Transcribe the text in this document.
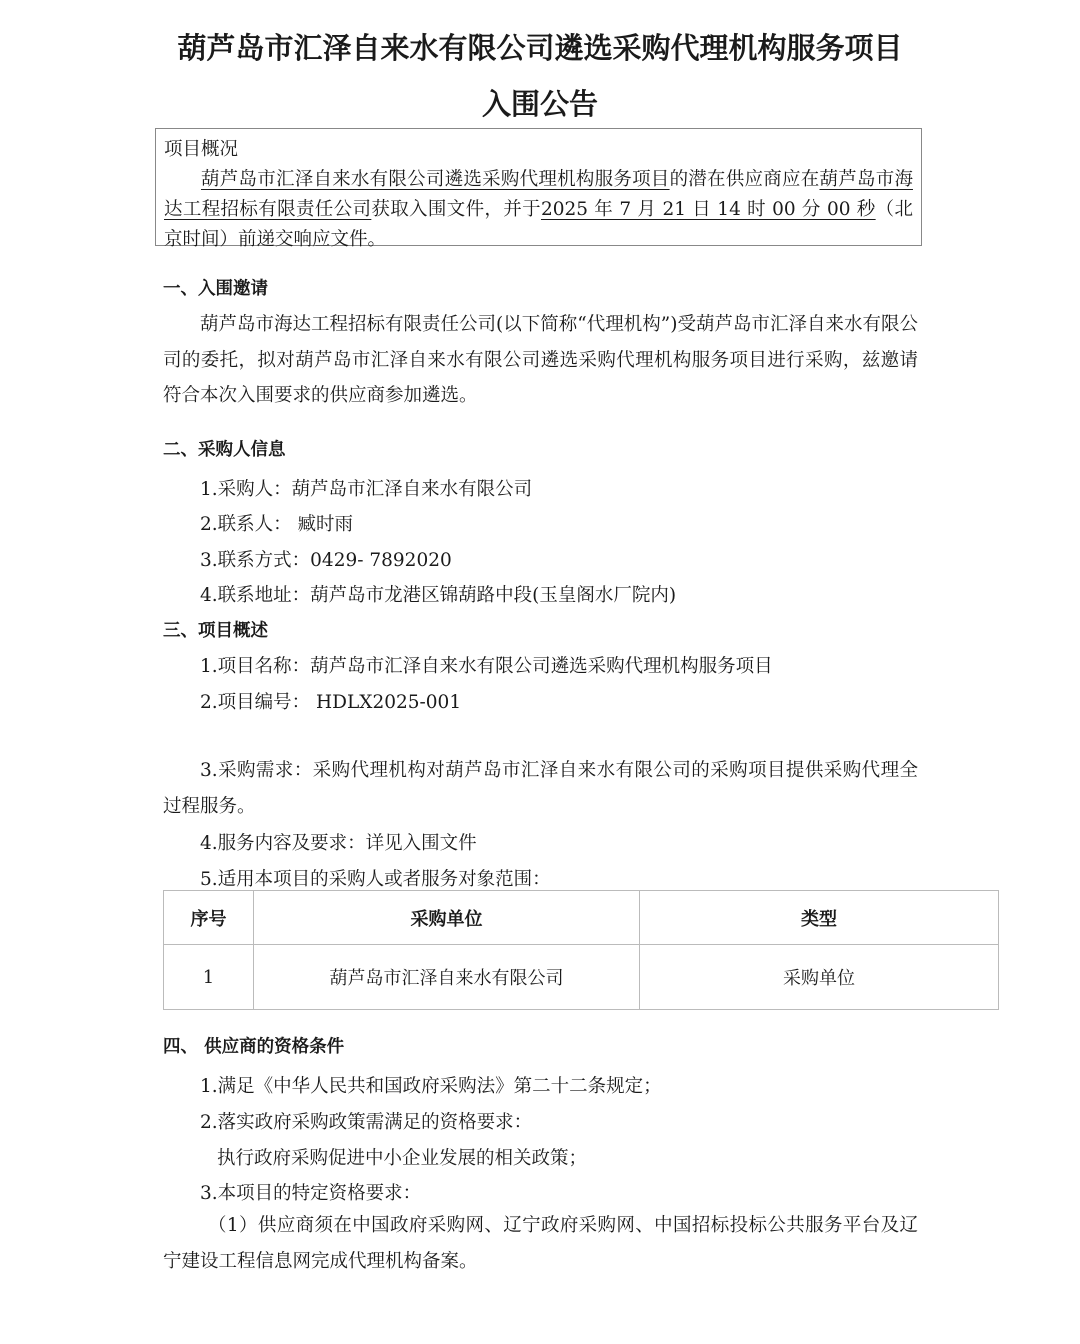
葫芦岛市汇泽自来水有限公司遴选采购代理机构服务项目
入围公告

项目概况

葫芦岛市汇泽自来水有限公司遴选采购代理机构服务项目的潜在供应商应在葫芦岛市海达工程招标有限责任公司获取入围文件，并于2025 年 7 月 21 日 14 时 00 分 00 秒（北京时间）前递交响应文件。

一、入围邀请
葫芦岛市海达工程招标有限责任公司(以下简称“代理机构”)受葫芦岛市汇泽自来水有限公司的委托，拟对葫芦岛市汇泽自来水有限公司遴选采购代理机构服务项目进行采购，兹邀请符合本次入围要求的供应商参加遴选。
二、采购人信息
1.采购人：葫芦岛市汇泽自来水有限公司
2.联系人： 臧时雨
3.联系方式：0429- 7892020
4.联系地址：葫芦岛市龙港区锦葫路中段(玉皇阁水厂院内)
三、项目概述
1.项目名称：葫芦岛市汇泽自来水有限公司遴选采购代理机构服务项目
2.项目编号： HDLX2025-001
3.采购需求：采购代理机构对葫芦岛市汇泽自来水有限公司的采购项目提供采购代理全过程服务。
4.服务内容及要求：详见入围文件
5.适用本项目的采购人或者服务对象范围：
序号	采购单位	类型
1	葫芦岛市汇泽自来水有限公司	采购单位
四、 供应商的资格条件
1.满足《中华人民共和国政府采购法》第二十二条规定；
2.落实政府采购政策需满足的资格要求：
执行政府采购促进中小企业发展的相关政策；
3.本项目的特定资格要求：
（1）供应商须在中国政府采购网、辽宁政府采购网、中国招标投标公共服务平台及辽宁建设工程信息网完成代理机构备案。
